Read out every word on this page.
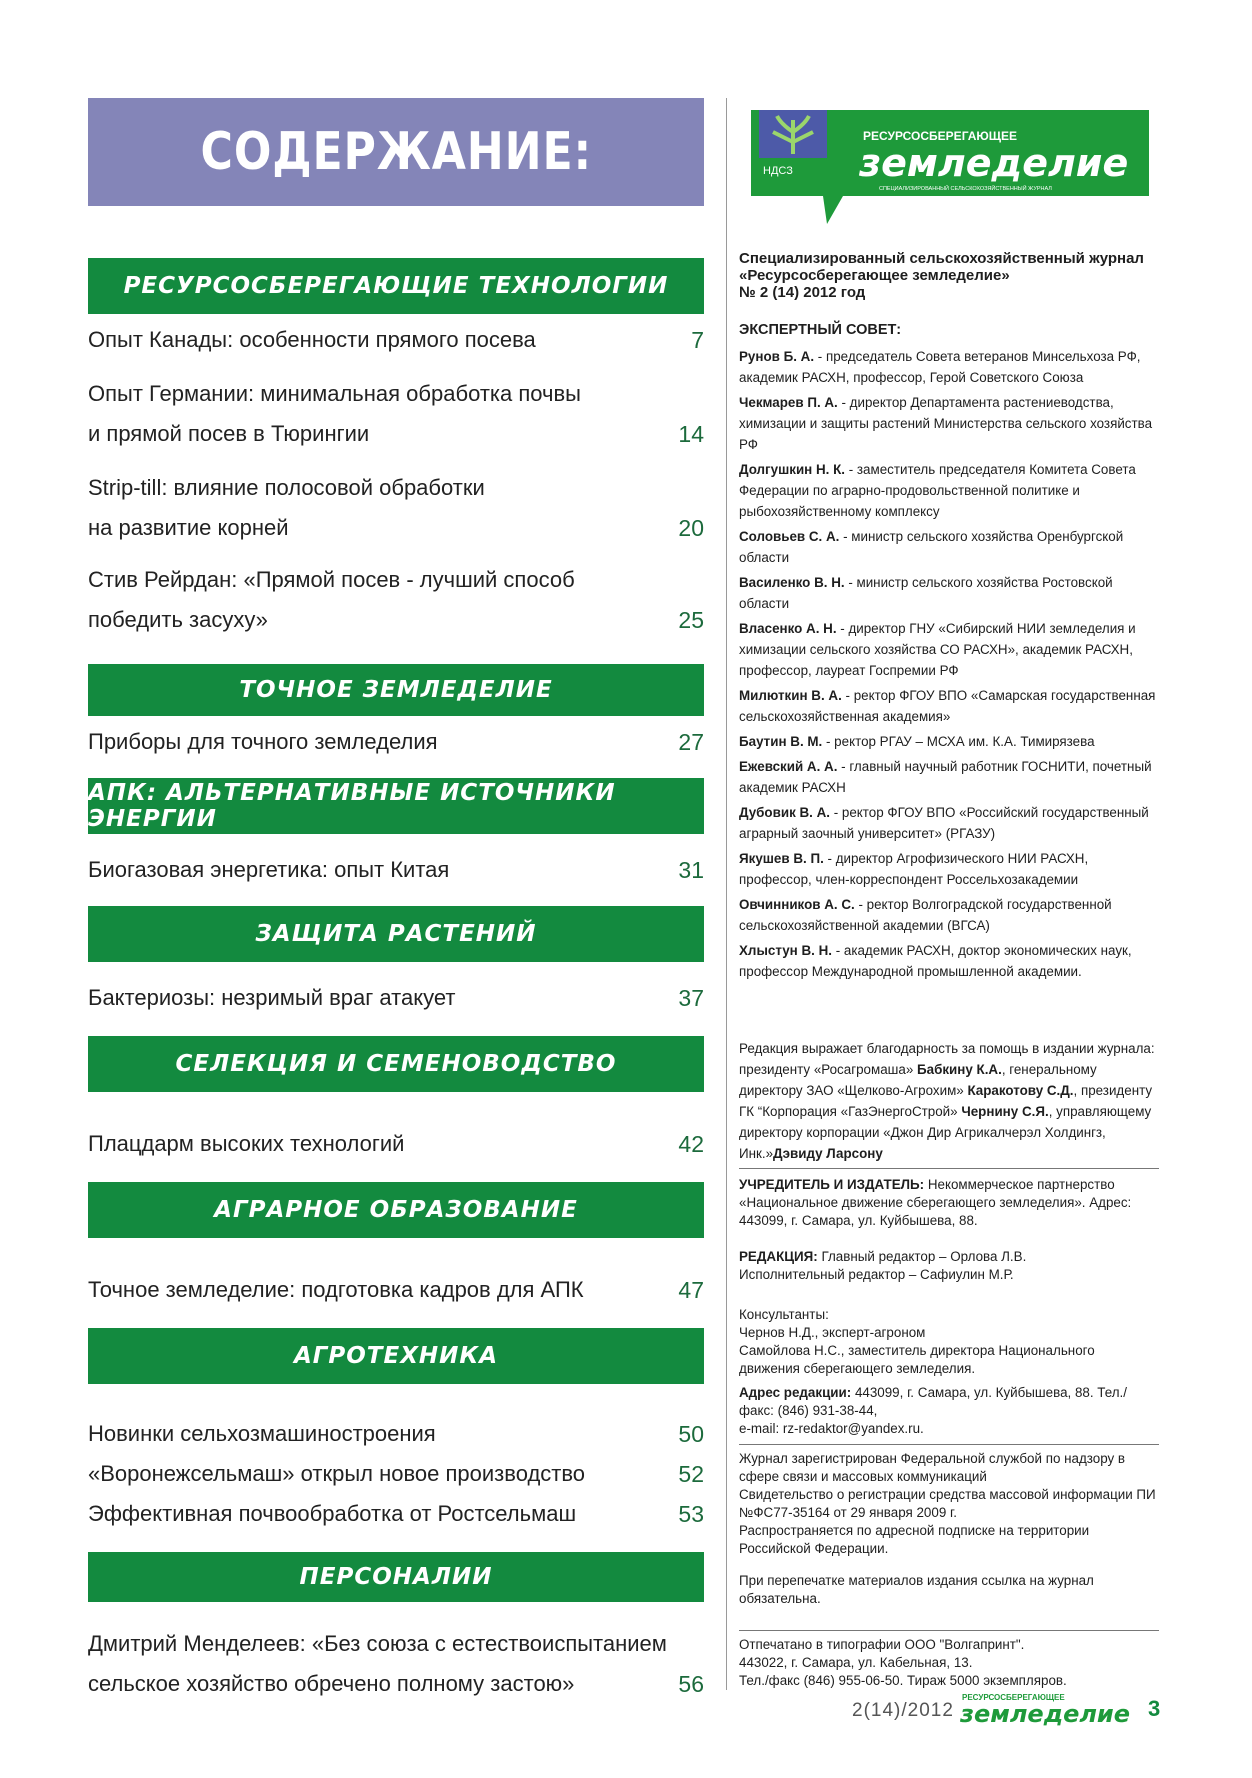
СОДЕРЖАНИЕ:
РЕСУРСОСБЕРЕГАЮЩИЕ ТЕХНОЛОГИИ
Опыт Канады: особенности прямого посева	7
Опыт Германии: минимальная обработка почвы
и прямой посев в Тюрингии	14
Strip-till: влияние полосовой обработки
на развитие корней	20
Стив Рейрдан: «Прямой посев - лучший способ
победить засуху»	25
ТОЧНОЕ ЗЕМЛЕДЕЛИЕ
Приборы для точного земледелия	27
АПК: АЛЬТЕРНАТИВНЫЕ ИСТОЧНИКИ ЭНЕРГИИ
Биогазовая энергетика: опыт Китая	31
ЗАЩИТА РАСТЕНИЙ
Бактериозы: незримый враг атакует	37
СЕЛЕКЦИЯ И СЕМЕНОВОДСТВО
Плацдарм высоких технологий	42
АГРАРНОЕ ОБРАЗОВАНИЕ
Точное земледелие: подготовка кадров для АПК	47
АГРОТЕХНИКА
Новинки сельхозмашиностроения	50
«Воронежсельмаш» открыл новое производство	52
Эффективная почвообработка от Ростсельмаш	53
ПЕРСОНАЛИИ
Дмитрий Менделеев: «Без союза с естествоиспытанием
сельское хозяйство обречено полному застою»	56
НДСЗ
РЕСУРСОСБЕРЕГАЮЩЕЕ
земледелие
СПЕЦИАЛИЗИРОВАННЫЙ СЕЛЬСКОХОЗЯЙСТВЕННЫЙ ЖУРНАЛ
Специализированный сельскохозяйственный журнал
«Ресурсосберегающее земледелие»
№ 2 (14) 2012 год
ЭКСПЕРТНЫЙ СОВЕТ:

Рунов Б. А. - председатель Совета ветеранов Минсельхоза РФ, академик РАСХН, профессор, Герой Советского Союза

Чекмарев П. А. - директор Департамента растениеводства, химизации и защиты растений Министерства сельского хозяйства РФ

Долгушкин Н. К. - заместитель председателя Комитета Совета Федерации по аграрно-продовольственной политике и рыбохозяйственному комплексу

Соловьев С. А. - министр сельского хозяйства Оренбургской области

Василенко В. Н. - министр сельского хозяйства Ростовской области

Власенко А. Н. - директор ГНУ «Сибирский НИИ земледелия и химизации сельского хозяйства СО РАСХН», академик РАСХН, профессор, лауреат Госпремии РФ

Милюткин В. А. - ректор ФГОУ ВПО «Самарская государственная сельскохозяйственная академия»

Баутин В. М. - ректор РГАУ – МСХА им. К.А. Тимирязева

Ежевский А. А. - главный научный работник ГОСНИТИ, почетный академик РАСХН

Дубовик В. А. - ректор ФГОУ ВПО «Российский государственный аграрный заочный университет» (РГАЗУ)

Якушев В. П. - директор Агрофизического НИИ РАСХН, профессор, член-корреспондент Россельхозакадемии

Овчинников А. С. - ректор Волгоградской государственной сельскохозяйственной академии (ВГСА)

Хлыстун В. Н. - академик РАСХН, доктор экономических наук, профессор Международной промышленной академии.

Редакция выражает благодарность за помощь в издании журнала: президенту «Росагромаша» Бабкину К.А., генеральному директору ЗАО «Щелково-Агрохим» Каракотову С.Д., президенту ГК “Корпорация «ГазЭнергоСтрой» Чернину С.Я., управляющему директору корпорации «Джон Дир Агрикалчерэл Холдингз, Инк.»Дэвиду Ларсону
УЧРЕДИТЕЛЬ И ИЗДАТЕЛЬ: Некоммерческое партнерство «Национальное движение сберегающего земледелия». Адрес: 443099, г. Самара, ул. Куйбышева, 88.
РЕДАКЦИЯ: Главный редактор – Орлова Л.В.
Исполнительный редактор – Сафиулин М.Р.
Консультанты:
Чернов Н.Д., эксперт-агроном
Самойлова Н.С., заместитель директора Национального движения сберегающего земледелия.
Адрес редакции: 443099, г. Самара, ул. Куйбышева, 88. Тел./факс: (846) 931-38-44,
e-mail: rz-redaktor@yandex.ru.
Журнал зарегистрирован Федеральной службой по надзору в сфере связи и массовых коммуникаций
Свидетельство о регистрации средства массовой информации ПИ №ФС77-35164 от 29 января 2009 г.
Распространяется по адресной подписке на территории Российской Федерации.
При перепечатке материалов издания ссылка на журнал обязательна.
Отпечатано в типографии ООО "Волгапринт".
443022, г. Самара, ул. Кабельная, 13.
Тел./факс (846) 955-06-50. Тираж 5000 экземпляров.
2(14)/2012
РЕСУРСОСБЕРЕГАЮЩЕЕ
земледелие 3
